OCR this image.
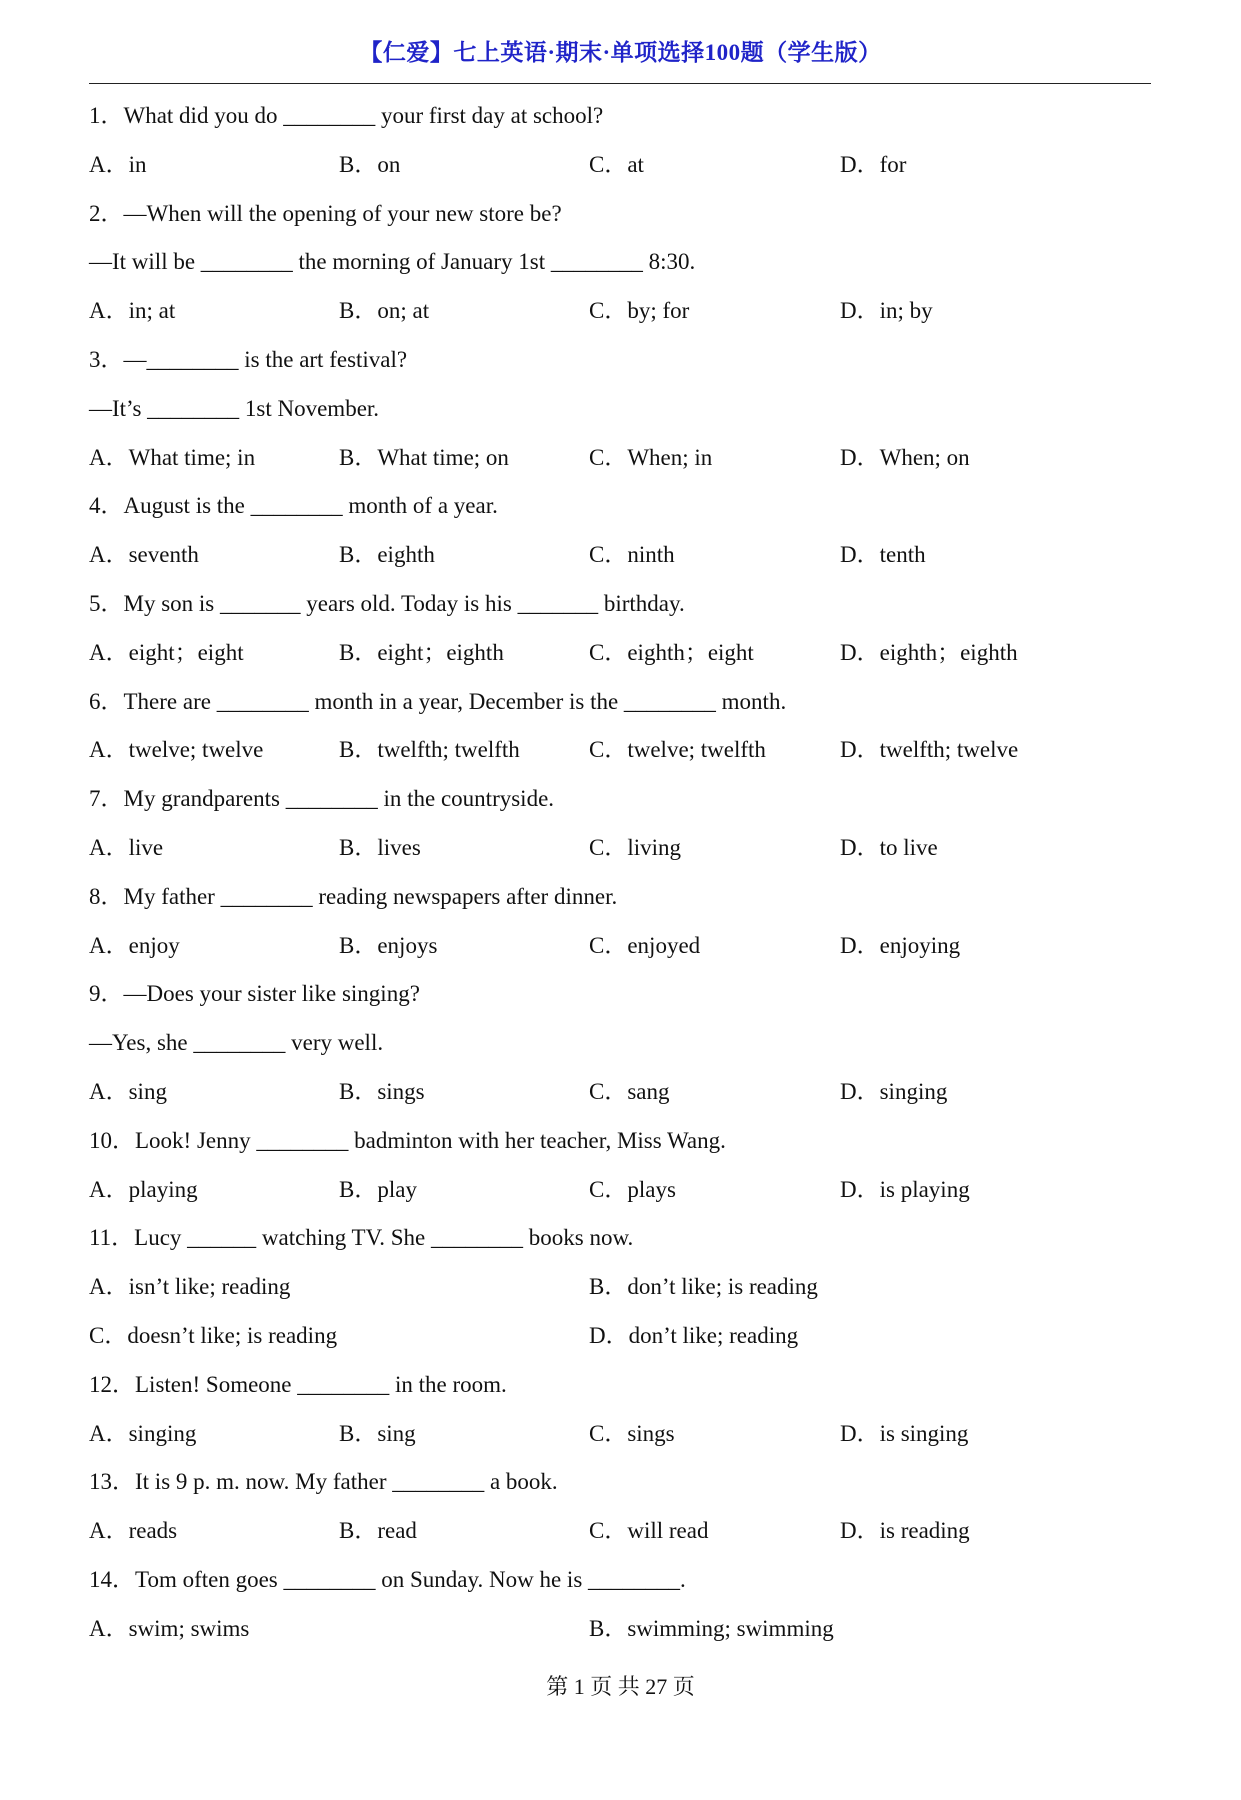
【仁爱】七上英语·期末·单项选择100题（学生版）
1．What did you do ________ your first day at school?

A．in

	B．on

	C．at

	D．for

2．—When will the opening of your new store be?
—It will be ________ the morning of January 1st ________ 8:30.

A．in; at

	B．on; at

	C．by; for

	D．in; by

3．—________ is the art festival?
—It’s ________ 1st November.

A．What time; in

	B．What time; on

	C．When; in

	D．When; on

4．August is the ________ month of a year.

A．seventh

	B．eighth

	C．ninth

	D．tenth

5．My son is _______ years old. Today is his _______ birthday.

A．eight；eight

	B．eight；eighth

	C．eighth；eight

	D．eighth；eighth

6．There are ________ month in a year, December is the ________ month.

A．twelve; twelve

	B．twelfth; twelfth

	C．twelve; twelfth

	D．twelfth; twelve

7．My grandparents ________ in the countryside.

A．live

	B．lives

	C．living

	D．to live

8．My father ________ reading newspapers after dinner.

A．enjoy

	B．enjoys

	C．enjoyed

	D．enjoying

9．—Does your sister like singing?
—Yes, she ________ very well.

A．sing

	B．sings

	C．sang

	D．singing

10．Look! Jenny ________ badminton with her teacher, Miss Wang.

A．playing

	B．play

	C．plays

	D．is playing

11．Lucy ______ watching TV. She ________ books now.

A．isn’t like; reading

	B．don’t like; is reading

C．doesn’t like; is reading

	D．don’t like; reading

12．Listen! Someone ________ in the room.

A．singing

	B．sing

	C．sings

	D．is singing

13．It is 9 p. m. now. My father ________ a book.

A．reads

	B．read

	C．will read

	D．is reading

14．Tom often goes ________ on Sunday. Now he is ________.

A．swim; swims

	B．swimming; swimming

第 1 页 共 27 页
